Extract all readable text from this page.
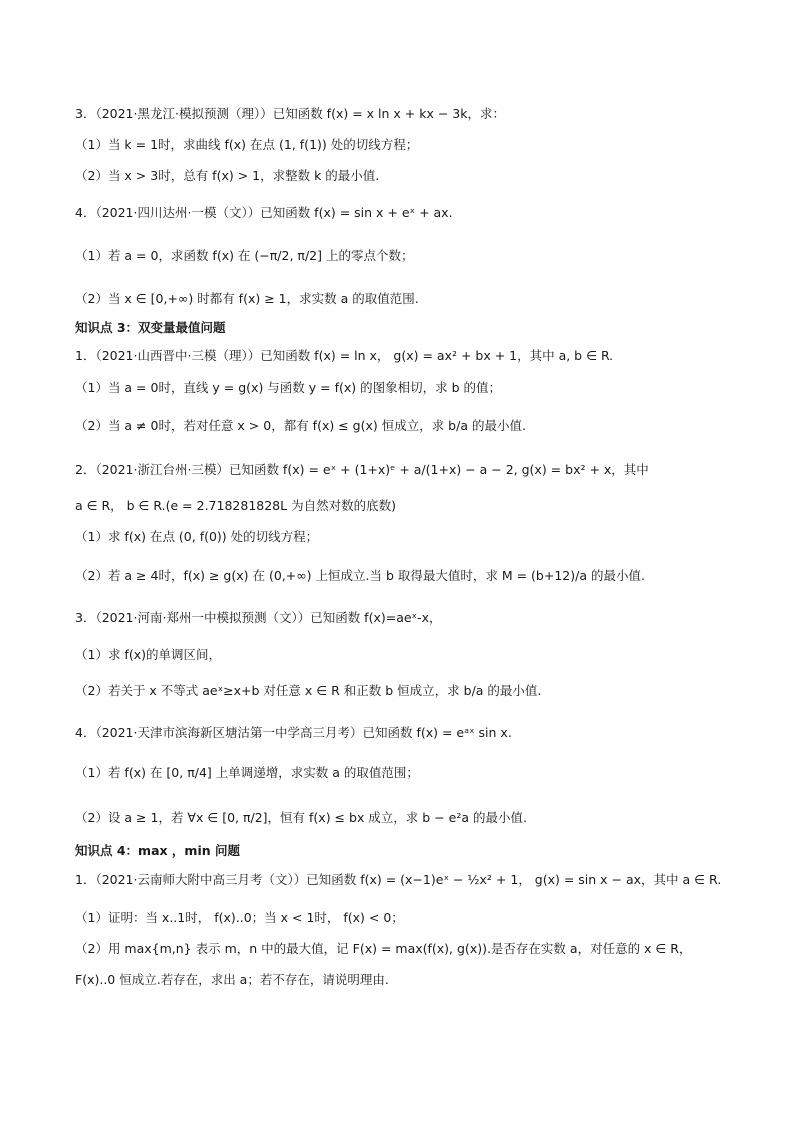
3．（2021·黑龙江·模拟预测（理））已知函数 f(x) = x ln x + kx − 3k，求：
（1）当 k = 1时，求曲线 f(x) 在点 (1, f(1)) 处的切线方程；
（2）当 x > 3时，总有 f(x) > 1，求整数 k 的最小值.
4．（2021·四川达州·一模（文））已知函数 f(x) = sin x + eˣ + ax.
（1）若 a = 0，求函数 f(x) 在 (−π/2, π/2] 上的零点个数；
（2）当 x ∈ [0,+∞) 时都有 f(x) ≥ 1，求实数 a 的取值范围.
知识点 3：双变量最值问题
1．（2021·山西晋中·三模（理））已知函数 f(x) = ln x， g(x) = ax² + bx + 1，其中 a, b ∈ R.
（1）当 a = 0时，直线 y = g(x) 与函数 y = f(x) 的图象相切，求 b 的值；
（2）当 a ≠ 0时，若对任意 x > 0，都有 f(x) ≤ g(x) 恒成立，求 b/a 的最小值.
2．（2021·浙江台州·三模）已知函数 f(x) = eˣ + (1+x)ᵉ + a/(1+x) − a − 2, g(x) = bx² + x，其中
a ∈ R， b ∈ R.(e = 2.718281828L 为自然对数的底数)
（1）求 f(x) 在点 (0, f(0)) 处的切线方程；
（2）若 a ≥ 4时，f(x) ≥ g(x) 在 (0,+∞) 上恒成立.当 b 取得最大值时，求 M = (b+12)/a 的最小值.
3．（2021·河南·郑州一中模拟预测（文））已知函数 f(x)=aeˣ-x，
（1）求 f(x)的单调区间，
（2）若关于 x 不等式 aeˣ≥x+b 对任意 x ∈ R 和正数 b 恒成立，求 b/a 的最小值.
4．（2021·天津市滨海新区塘沽第一中学高三月考）已知函数 f(x) = eᵃˣ sin x.
（1）若 f(x) 在 [0, π/4] 上单调递增，求实数 a 的取值范围；
（2）设 a ≥ 1，若 ∀x ∈ [0, π/2]，恒有 f(x) ≤ bx 成立，求 b − e²a 的最小值.
知识点 4：max ，min 问题
1．（2021·云南师大附中高三月考（文））已知函数 f(x) = (x−1)eˣ − ½x² + 1， g(x) = sin x − ax，其中 a ∈ R.
（1）证明：当 x..1时， f(x)..0；当 x < 1时， f(x) < 0；
（2）用 max{m,n} 表示 m，n 中的最大值，记 F(x) = max(f(x), g(x)).是否存在实数 a，对任意的 x ∈ R，
F(x)..0 恒成立.若存在，求出 a；若不存在，请说明理由.
